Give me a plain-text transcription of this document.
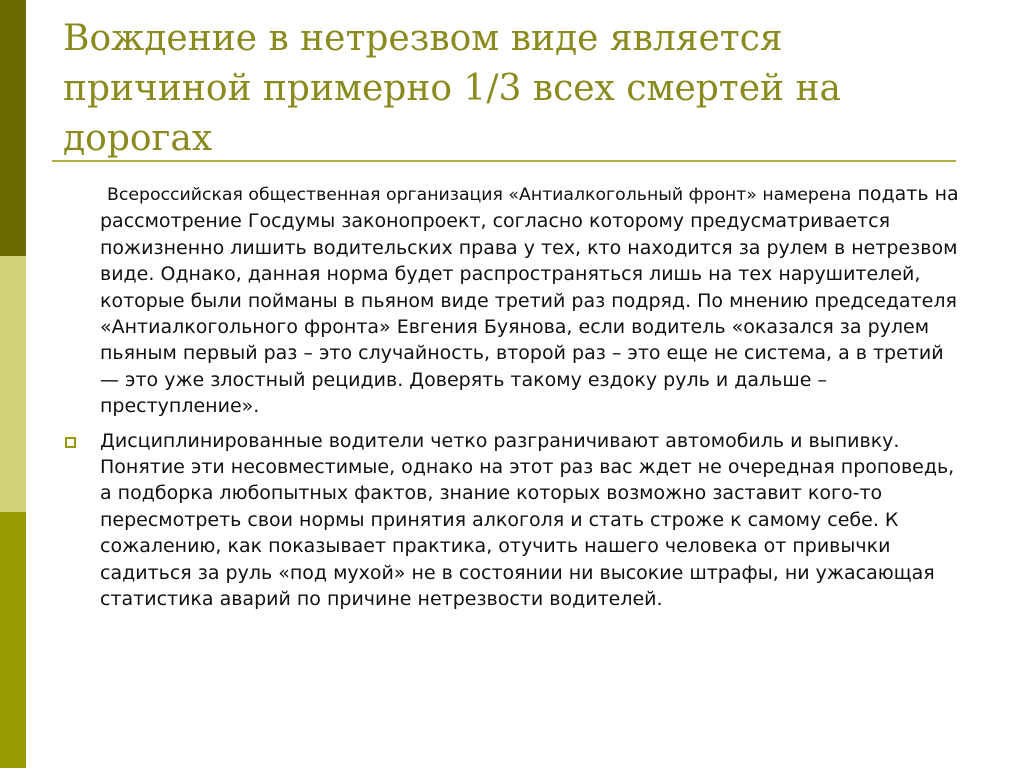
Вождение в нетрезвом виде является причиной примерно 1/3 всех смертей на дорогах

Всероссийская общественная организация «Антиалкогольный фронт» намерена подать на рассмотрение Госдумы законопроект, согласно которому предусматривается пожизненно лишить водительских права у тех, кто находится за рулем в нетрезвом виде. Однако, данная норма будет распространяться лишь на тех нарушителей, которые были пойманы в пьяном виде третий раз подряд. По мнению председателя «Антиалкогольного фронта» Евгения Буянова, если водитель «оказался за рулем пьяным первый раз – это случайность, второй раз – это еще не система, а в третий — это уже злостный рецидив. Доверять такому ездоку руль и дальше – преступление».

Дисциплинированные водители четко разграничивают автомобиль и выпивку. Понятие эти несовместимые, однако на этот раз вас ждет не очередная проповедь, а подборка любопытных фактов, знание которых возможно заставит кого-то пересмотреть свои нормы принятия алкоголя и стать строже к самому себе. К сожалению, как показывает практика, отучить нашего человека от привычки садиться за руль «под мухой» не в состоянии ни высокие штрафы, ни ужасающая статистика аварий по причине нетрезвости водителей.
